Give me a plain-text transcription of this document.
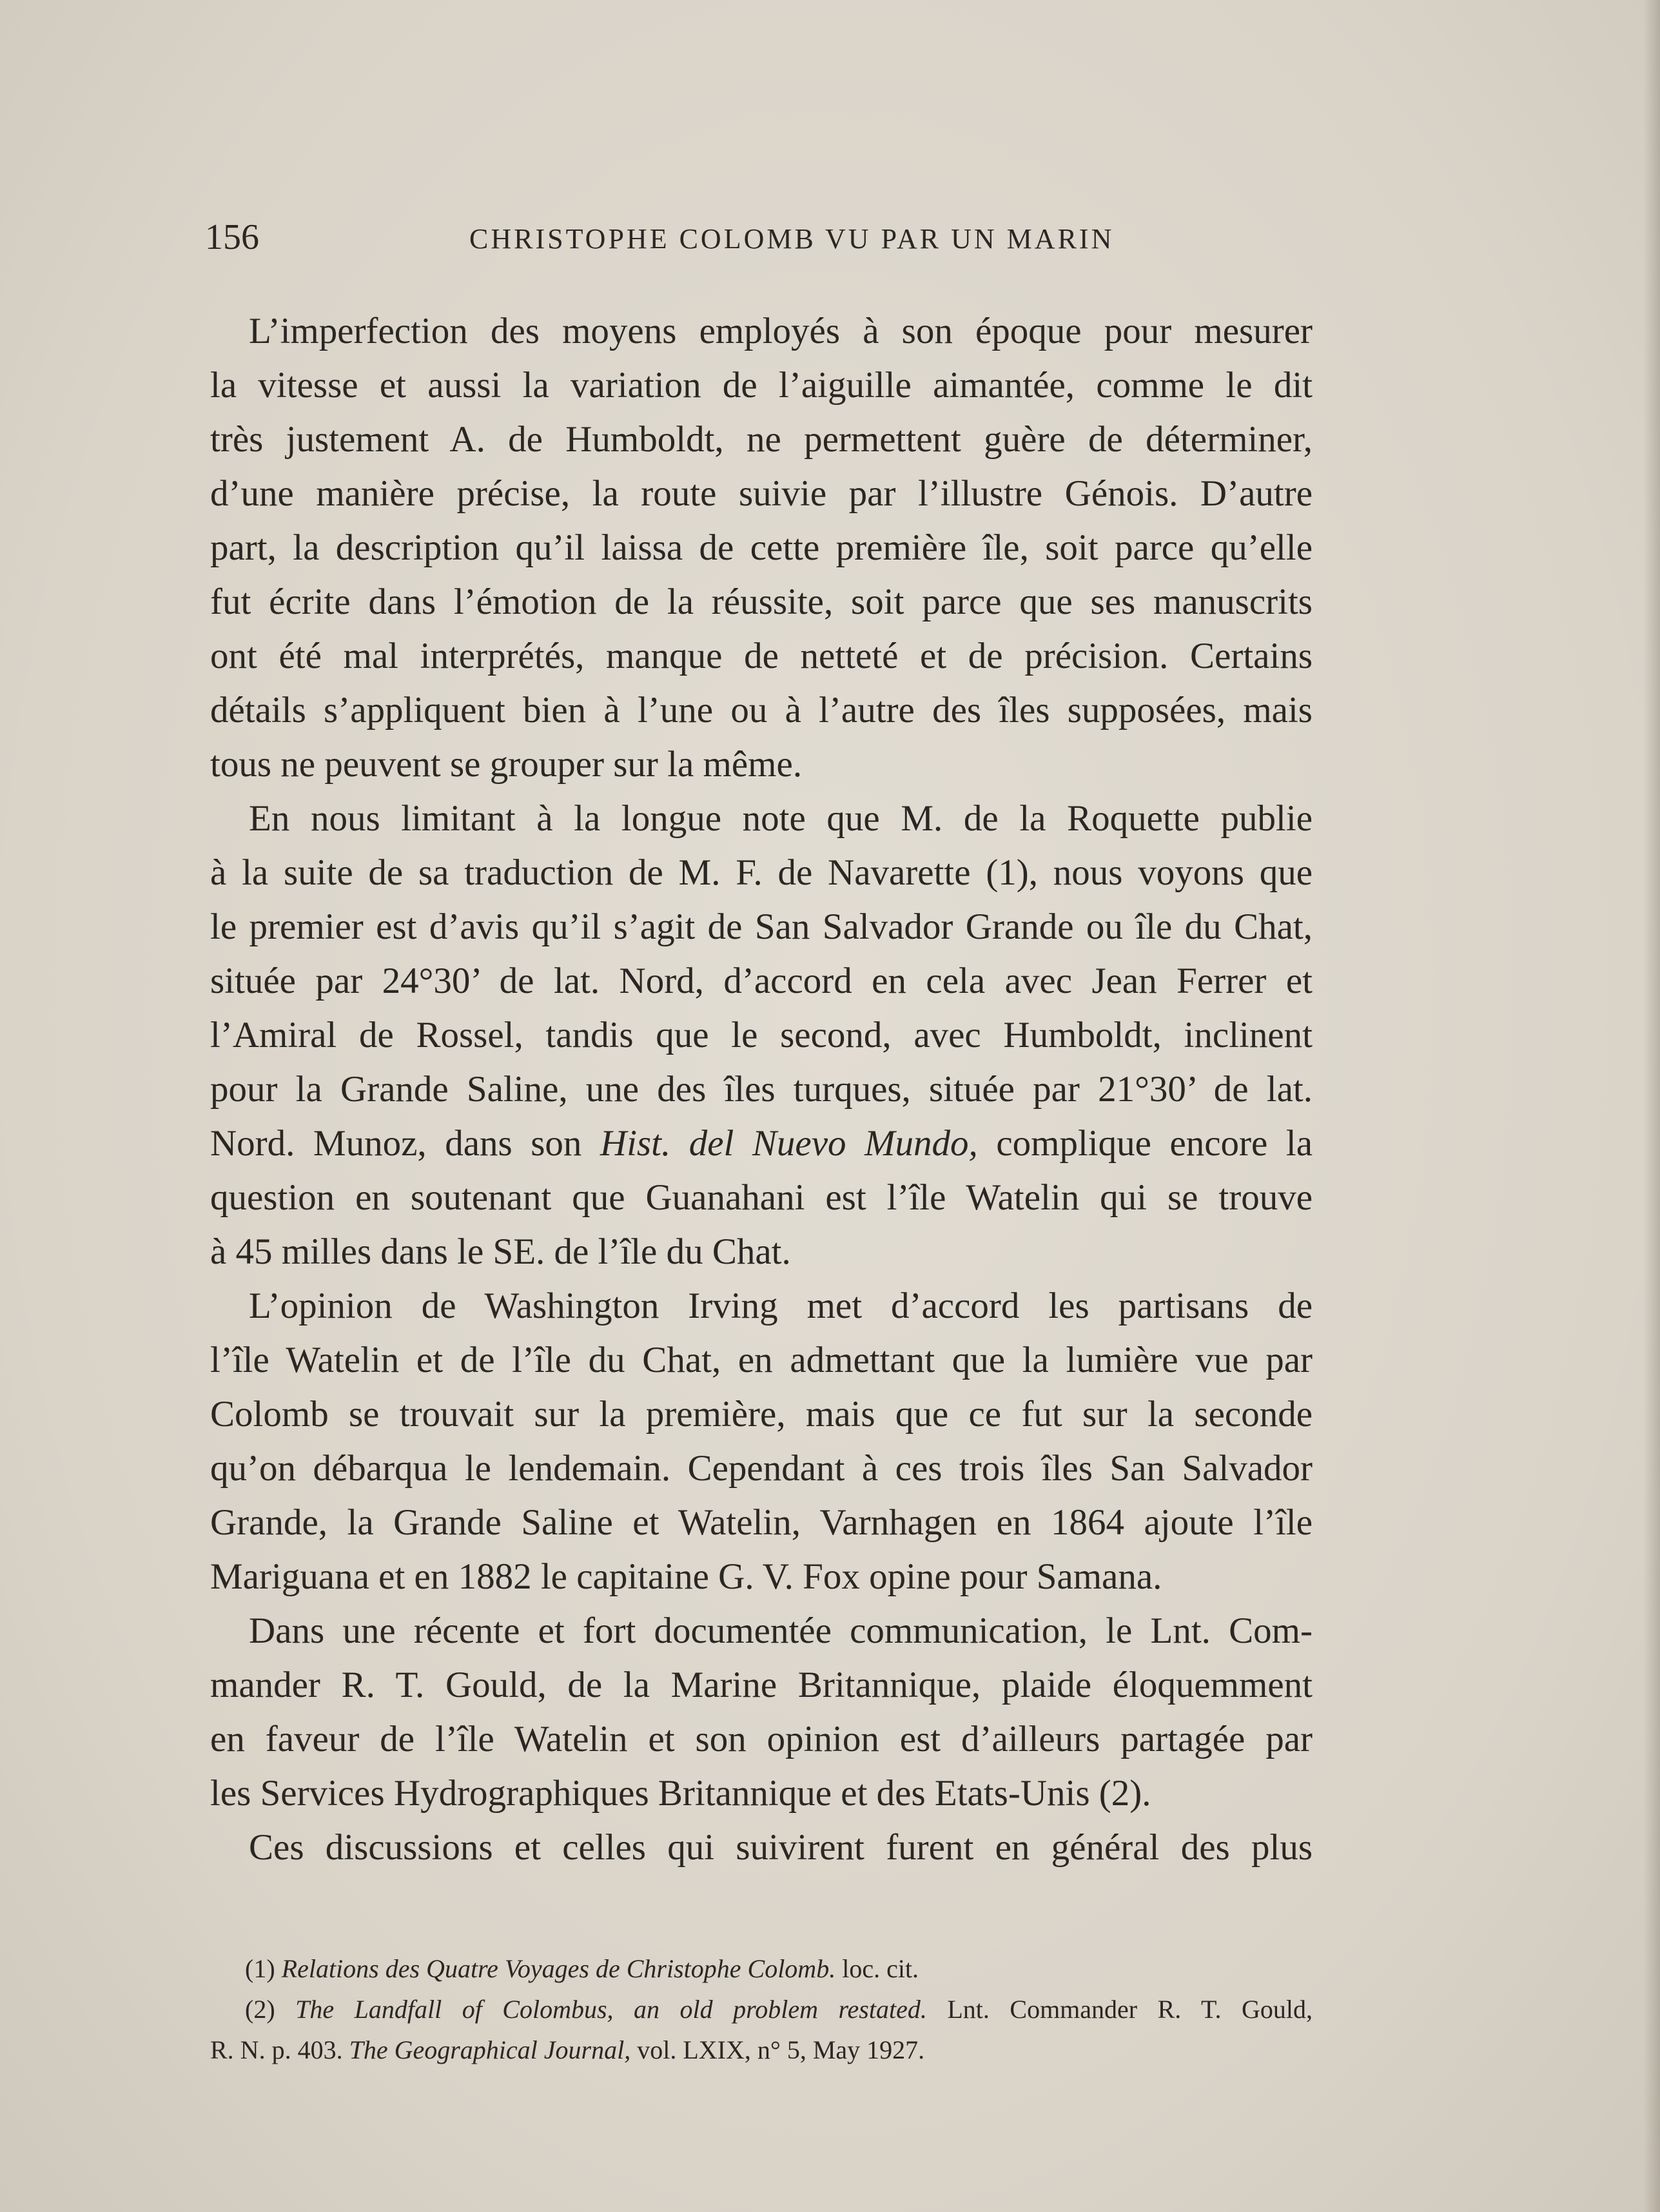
156	CHRISTOPHE COLOMB VU PAR UN MARIN
L’imperfection des moyens employés à son époque pour mesurer
la vitesse et aussi la variation de l’aiguille aimantée, comme le dit
très justement A. de Humboldt, ne permettent guère de déterminer,
d’une manière précise, la route suivie par l’illustre Génois. D’autre
part, la description qu’il laissa de cette première île, soit parce qu’elle
fut écrite dans l’émotion de la réussite, soit parce que ses manuscrits
ont été mal interprétés, manque de netteté et de précision. Certains
détails s’appliquent bien à l’une ou à l’autre des îles supposées, mais
tous ne peuvent se grouper sur la même.
En nous limitant à la longue note que M. de la Roquette publie
à la suite de sa traduction de M. F. de Navarette (1), nous voyons que
le premier est d’avis qu’il s’agit de San Salvador Grande ou île du Chat,
située par 24°30’ de lat. Nord, d’accord en cela avec Jean Ferrer et
l’Amiral de Rossel, tandis que le second, avec Humboldt, inclinent
pour la Grande Saline, une des îles turques, située par 21°30’ de lat.
Nord. Munoz, dans son Hist. del Nuevo Mundo, complique encore la
question en soutenant que Guanahani est l’île Watelin qui se trouve
à 45 milles dans le SE. de l’île du Chat.
L’opinion de Washington Irving met d’accord les partisans de
l’île Watelin et de l’île du Chat, en admettant que la lumière vue par
Colomb se trouvait sur la première, mais que ce fut sur la seconde
qu’on débarqua le lendemain. Cependant à ces trois îles San Salvador
Grande, la Grande Saline et Watelin, Varnhagen en 1864 ajoute l’île
Mariguana et en 1882 le capitaine G. V. Fox opine pour Samana.
Dans une récente et fort documentée communication, le Lnt. Com-
mander R. T. Gould, de la Marine Britannique, plaide éloquemment
en faveur de l’île Watelin et son opinion est d’ailleurs partagée par
les Services Hydrographiques Britannique et des Etats-Unis (2).
Ces discussions et celles qui suivirent furent en général des plus
(1) Relations des Quatre Voyages de Christophe Colomb. loc. cit.
(2) The Landfall of Colombus, an old problem restated. Lnt. Commander R. T. Gould,
R. N. p. 403. The Geographical Journal, vol. LXIX, n° 5, May 1927.
